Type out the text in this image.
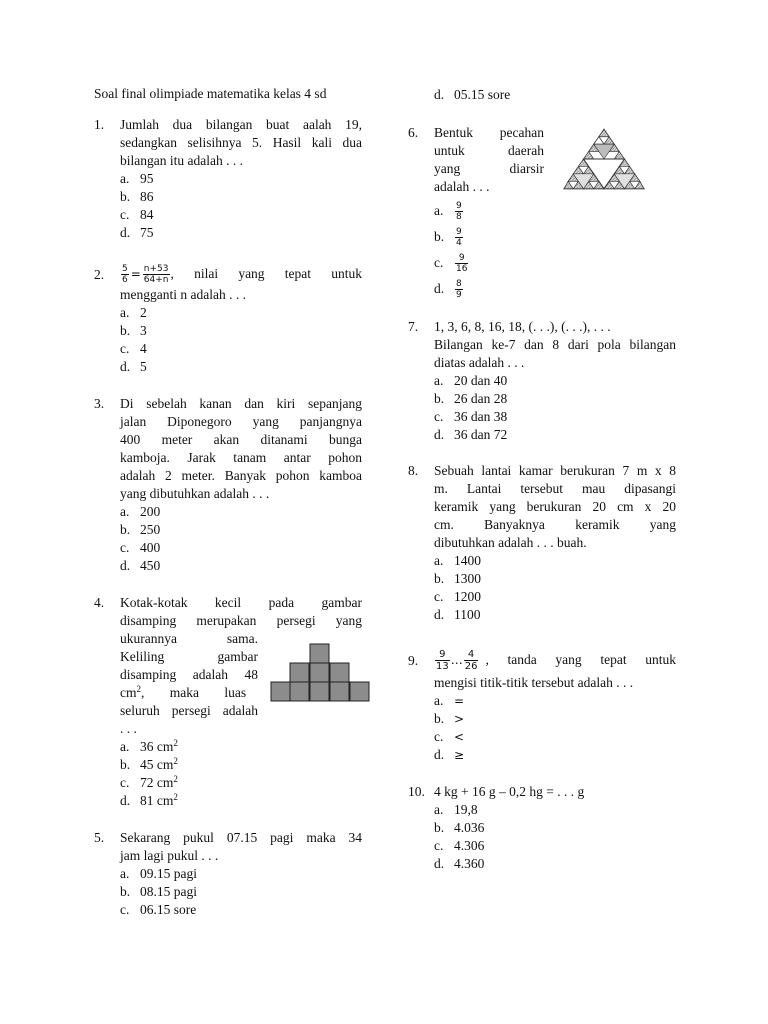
Soal final olimpiade matematika kelas 4 sd
1.	Jumlah dua bilangan buat aalah 19,
sedangkan selisihnya 5. Hasil kali dua
bilangan itu adalah . . .
a. 95
b. 86
c. 84
d. 75
2.	$\frac{5}{6} = \frac{n+53}{64+n}$ , nilai yang tepat untuk
mengganti n adalah . . .
a. 2
b. 3
c. 4
d. 5
3.	Di sebelah kanan dan kiri sepanjang
jalan Diponegoro yang panjangnya
400 meter akan ditanami bunga
kamboja. Jarak tanam antar pohon
adalah 2 meter. Banyak pohon kamboa
yang dibutuhkan adalah . . .
a. 200
b. 250
c. 400
d. 450
4.	Kotak-kotak kecil pada gambar
disamping merupakan persegi yang
ukurannya sama.
Keliling gambar
disamping adalah 48
$cm^2$, maka luas
seluruh persegi adalah
. . .
a. 36 $cm^2$
b. 45 $cm^2$
c. 72 $cm^2$
d. 81 $cm^2$
5.	Sekarang pukul 07.15 pagi maka 34
jam lagi pukul . . .
a. 09.15 pagi
b. 08.15 pagi
c. 06.15 sore
d. 05.15 sore
6.	Bentuk pecahan
untuk daerah
yang diarsir
adalah . . .
a.	$\frac{9}{8}$
b.	$\frac{9}{4}$
c.	$\frac{9}{16}$
d.	$\frac{8}{9}$
7.	1, 3, 6, 8, 16, 18, (. . .), (. . .), . . .
Bilangan ke-7 dan 8 dari pola bilangan
diatas adalah . . .
a. 20 dan 40
b. 26 dan 28
c. 36 dan 38
d. 36 dan 72
8.	Sebuah lantai kamar berukuran 7 m x 8
m. Lantai tersebut mau dipasangi
keramik yang berukuran 20 cm x 20
cm. Banyaknya keramik yang
dibutuhkan adalah . . . buah.
a. 1400
b. 1300
c. 1200
d. 1100
9.	$\frac{9}{13}$ … $\frac{4}{26}$ , tanda yang tepat untuk
mengisi titik-titik tersebut adalah . . .
a. =
b. >
c. <
d. ≥
10. 4 kg + 16 g – 0,2 hg = . . . g
a. 19,8
b. 4.036
c. 4.306
d. 4.360
